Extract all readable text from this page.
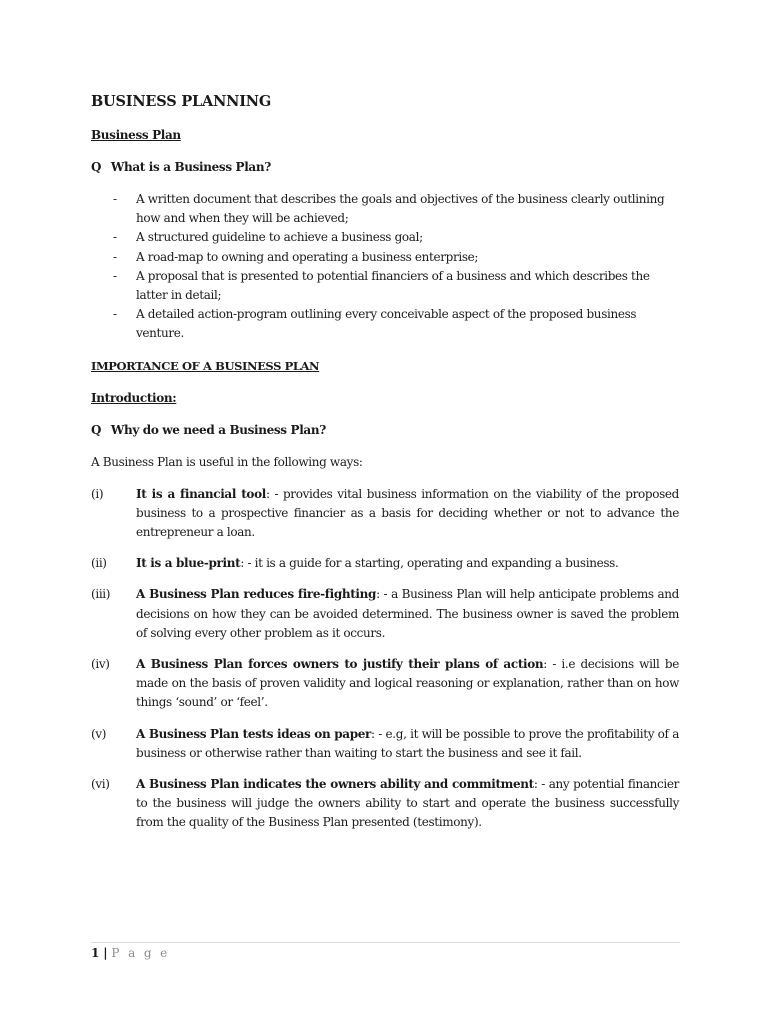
BUSINESS PLANNING
Business Plan
Q What is a Business Plan?
- A written document that describes the goals and objectives of the business clearly outlining how and when they will be achieved;
- A structured guideline to achieve a business goal;
- A road-map to owning and operating a business enterprise;
- A proposal that is presented to potential financiers of a business and which describes the latter in detail;
- A detailed action-program outlining every conceivable aspect of the proposed business venture.
IMPORTANCE OF A BUSINESS PLAN
Introduction:
Q Why do we need a Business Plan?
A Business Plan is useful in the following ways:
(i)	It is a financial tool: - provides vital business information on the viability of the proposed business to a prospective financier as a basis for deciding whether or not to advance the entrepreneur a loan.
(ii) It is a blue-print: - it is a guide for a starting, operating and expanding a business.
(iii) A Business Plan reduces fire-fighting: - a Business Plan will help anticipate problems and decisions on how they can be avoided determined. The business owner is saved the problem of solving every other problem as it occurs.
(iv) A Business Plan forces owners to justify their plans of action: - i.e decisions will be made on the basis of proven validity and logical reasoning or explanation, rather than on how things ‘sound’ or ‘feel’.
(v) A Business Plan tests ideas on paper: - e.g, it will be possible to prove the profitability of a business or otherwise rather than waiting to start the business and see it fail.
(vi) A Business Plan indicates the owners ability and commitment: - any potential financier to the business will judge the owners ability to start and operate the business successfully from the quality of the Business Plan presented (testimony).
1 | P a g e
